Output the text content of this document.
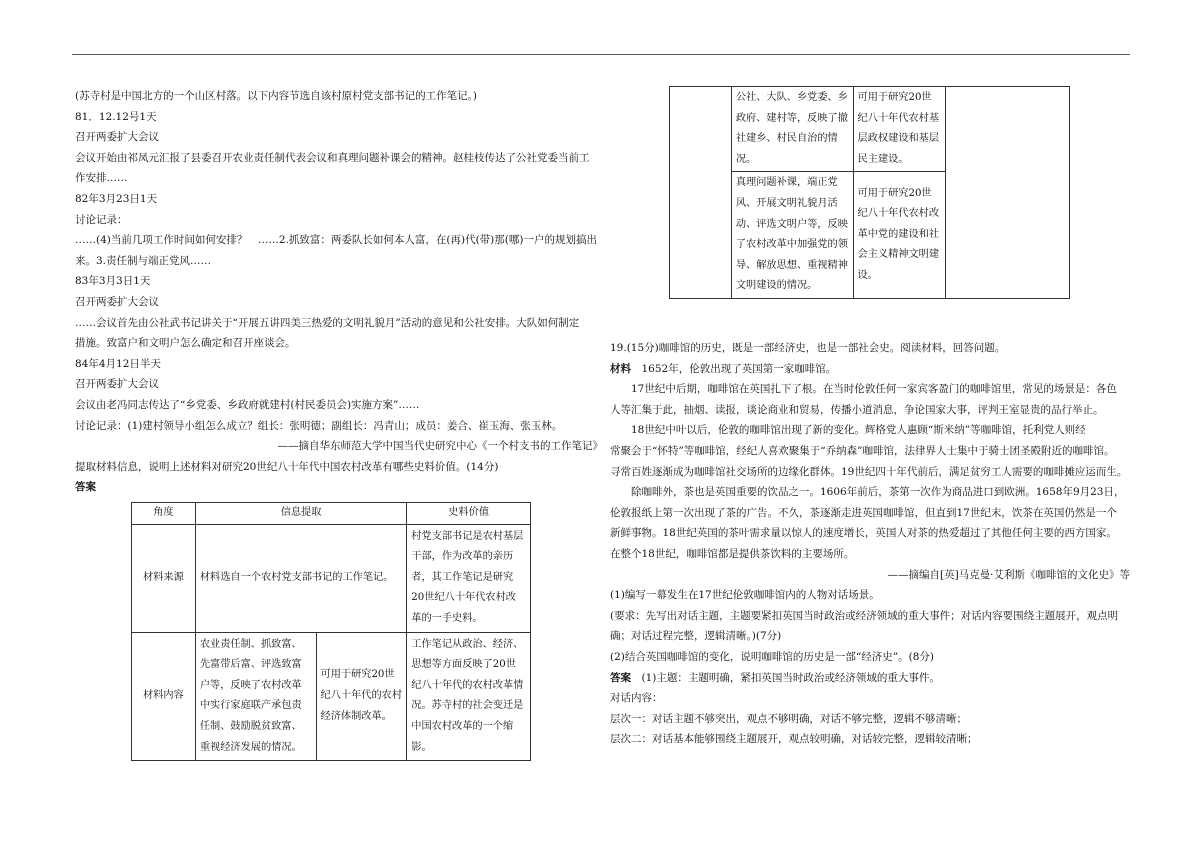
(苏寺村是中国北方的一个山区村落。以下内容节选自该村原村党支部书记的工作笔记。)

81．12.12号1天

召开两委扩大会议

会议开始由祁凤元汇报了县委召开农业责任制代表会议和真理问题补课会的精神。赵桂枝传达了公社党委当前工

作安排……

82年3月23日1天

讨论记录：

……(4)当前几项工作时间如何安排？　……2.抓致富：两委队长如何本人富，在(再)代(带)那(哪)一户的规划搞出

来。3.责任制与端正党风……

83年3月3日1天

召开两委扩大会议

……会议首先由公社武书记讲关于“开展五讲四美三热爱的文明礼貌月”活动的意见和公社安排。大队如何制定

措施。致富户和文明户怎么确定和召开座谈会。

84年4月12日半天

召开两委扩大会议

会议由老冯同志传达了“乡党委、乡政府就建村(村民委员会)实施方案”……

讨论记录：(1)建村领导小组怎么成立？组长：张明德；副组长：冯青山；成员：姜合、崔玉海、张玉林。

——摘自华东师范大学中国当代史研究中心《一个村支书的工作笔记》

提取材料信息，说明上述材料对研究20世纪八十年代中国农村改革有哪些史料价值。(14分)

答案

角度	信息提取		史料价值
材料来源	材料选自一个农村党支部书记的工作笔记。		村党支部书记是农村基层干部，作为改革的亲历者，其工作笔记是研究20世纪八十年代农村改革的一手史料。
材料内容	农业责任制、抓致富、先富带后富、评选致富户等，反映了农村改革中实行家庭联产承包责任制、鼓励脱贫致富、重视经济发展的情况。	可用于研究20世纪八十年代的农村经济体制改革。	工作笔记从政治、经济、思想等方面反映了20世纪八十年代的农村改革情况。苏寺村的社会变迁是中国农村改革的一个缩影。
	公社、大队、乡党委、乡政府、建村等，反映了撤社建乡、村民自治的情况。	可用于研究20世纪八十年代农村基层政权建设和基层民主建设。	
	真理问题补课，端正党风、开展文明礼貌月活动、评选文明户等，反映了农村改革中加强党的领导、解放思想、重视精神文明建设的情况。	可用于研究20世纪八十年代农村改革中党的建设和社会主义精神文明建设。	

19.(15分)咖啡馆的历史，既是一部经济史，也是一部社会史。阅读材料，回答问题。

材料　1652年，伦敦出现了英国第一家咖啡馆。

17世纪中后期，咖啡馆在英国扎下了根。在当时伦敦任何一家宾客盈门的咖啡馆里，常见的场景是：各色

人等汇集于此，抽烟、读报，谈论商业和贸易，传播小道消息，争论国家大事，评判王室显贵的品行举止。

18世纪中叶以后，伦敦的咖啡馆出现了新的变化。辉格党人惠顾“斯米纳”等咖啡馆，托利党人则经

常聚会于“怀特”等咖啡馆，经纪人喜欢聚集于“乔纳森”咖啡馆，法律界人士集中于骑士团圣殿附近的咖啡馆。

寻常百姓逐渐成为咖啡馆社交场所的边缘化群体。19世纪四十年代前后，满足贫穷工人需要的咖啡摊应运而生。

除咖啡外，茶也是英国重要的饮品之一。1606年前后，茶第一次作为商品进口到欧洲。1658年9月23日，

伦敦报纸上第一次出现了茶的广告。不久，茶逐渐走进英国咖啡馆，但直到17世纪末，饮茶在英国仍然是一个

新鲜事物。18世纪英国的茶叶需求量以惊人的速度增长，英国人对茶的热爱超过了其他任何主要的西方国家。

在整个18世纪，咖啡馆都是提供茶饮料的主要场所。

——摘编自[英]马克曼·艾利斯《咖啡馆的文化史》等

(1)编写一幕发生在17世纪伦敦咖啡馆内的人物对话场景。

(要求：先写出对话主题，主题要紧扣英国当时政治或经济领域的重大事件；对话内容要围绕主题展开，观点明

确；对话过程完整，逻辑清晰。)(7分)

(2)结合英国咖啡馆的变化，说明咖啡馆的历史是一部“经济史”。(8分)

答案　(1)主题：主题明确，紧扣英国当时政治或经济领域的重大事件。

对话内容：

层次一：对话主题不够突出，观点不够明确，对话不够完整，逻辑不够清晰；

层次二：对话基本能够围绕主题展开，观点较明确，对话较完整，逻辑较清晰；
